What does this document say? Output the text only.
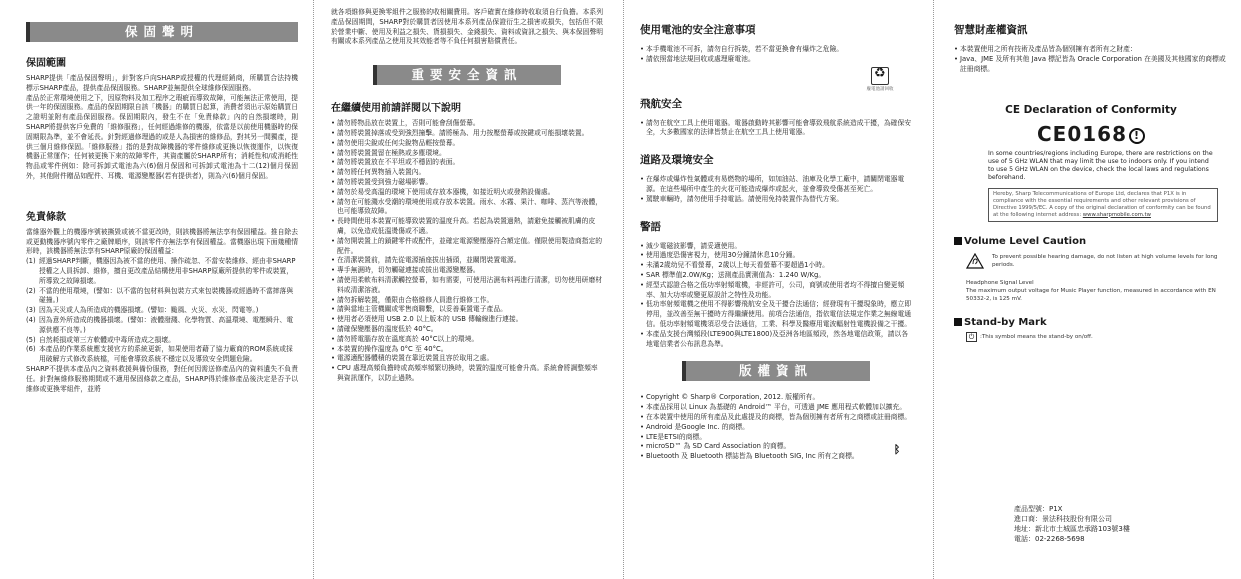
保固聲明
保固範圍

SHARP提供「產品保固聲明」，針對客戶向SHARP或授權的代理經銷商，所購買合法持機標示SHARP產品，提供產品保固服務。SHARP並無提供全球維修保固服務。

產品於正常環境使用之下，因原物料及加工程序之瑕疵而導致故障，可能無法正常使用，提供一年的保固服務。產品的保固期限自該「機器」的購買日起算，消費者須出示原始購買日之證明並附有產品保固服務。保固期限內，發生不在「免責條款」內的自然損壞時，則SHARP將提供客戶免費的「維修服務」，任何經過維修的機器，依當是以前使用機器時的保固期限為準，並不會延長。針對經過修理過的或是人為損害的維修品，對其另一間獨產，提供三個月維修保固。「維修服務」指的是對故障機器的零件維修或更換以恢復運作，以恢復機器正常運作；任何被更換下來的故障零件，其資產屬於SHARP所有；消耗性和/或消耗性物品或零件例如：除可拆卸式電池為六(6)個月保固和可拆卸式電池為十二(12)個月保固外，其他附件贈品如配件、耳機、電源變壓器(若有提供者)，則為六(6)個月保固。

免責條款

當維器外觀上的機器序號被撕毀或被不當更改時，則該機器將無法享有保固權益。推自除去或更動機器序號內零件之廠牌順序，則該零件亦無法享有保固權益。當機器出現下面幾種情形時，該機器將無法享有SHARP原廠的保固權益：

(1) 經過SHARP判斷，機器因為被不當的使用、操作疏忽、不當安裝維修、經由非SHARP授權之人員拆卸、維修，擅自更改產品結構使用非SHARP原廠所提供的零件或裝置，所導致之故障損壞。
(2) 不當的使用環境，(譬如：以不當的包材料與包裝方式來包裝機器或經過時不當摔落與碰撞。)
(3) 因為天災或人為所造成的機器損壞。(譬如：颱風、火災、水災、閃電等。)
(4) 因為意外所造成的機器損壞。(譬如：液體潑濺、化學物質、高溫環境、電壓瞬升、電源供應不良等。)
(5) 自然耗損或第三方軟體或中毒所造成之損壞。
(6) 本產品的作業系統應支援官方的系統更新，如果使用者藉了協力廠商的ROM系統或採用破解方式修改系統檔，可能會導致系統不穩定以及導致安全問題危險。

SHARP不提供本產品內之資料救援與備份服務，對任何因需送修產品內的資料遺失不負責任。針對無維修服務期間或不適用保固條款之產品，SHARP得於維修產品後決定是否予以維修或更換零組件，並將

就各項維修與更換零組件之服務的收相關費用。客戶確實在維修時收取須自行負擔。本系列產品保固期間，SHARP對於購買者因使用本系列產品保證衍生之損害或損失，包括但不限於營業中斷、使用及利益之損失、貨損損失、金錢損失、資料或資訊之損失、與本保固聲明有關或本系列產品之使用及其效能者等不負任何損害賠償責任。

重要安全資訊
在繼續使用前請詳閱以下說明
• 請勿將物品放在裝置上，否則可能會刮傷螢幕。
• 請勿將裝置掉落或受到強烈撞擊。請將極為、用力按壓螢幕或按鍵或可能損壞裝置。
• 請勿使用尖銳或任何尖銳物品輕按螢幕。
• 請勿將裝置置留在極熱或多塵環境。
• 請勿將裝置放在不平坦或不穩固的表面。
• 請勿將任何異物插入裝置內。
• 請勿將裝置受到強力磁場影響。
• 請勿於易受高溫的環境下使用或存放本器機，如接近明火或發熱設備處。
• 請勿在可能濺水受潮的環境使用或存放本裝置。雨水、水霧、果汁、咖啡、蒸汽等液體，也可能導致故障。
• 長時間使用本裝置可能導致裝置的溫度升高。若起為裝置過熱，請避免接觸被肌膚的皮膚，以免造成低溫燙傷或不適。
• 請勿開裝置上的鎖鍵零件或配件，並確定電源變壓器符合額定值。僅限使用製造商指定的配件。
• 在清潔裝置前，請先從電源插座拔出插頭，並關閉裝置電源。
• 專手無濕時，切勿觸碰連接或拔出電源變壓器。
• 請使用柔軟布料清潔觸控螢幕，如有需要，可使用沾濕布料再進行清潔，切勿使用研磨材料或清潔溶液。
• 請勿拆解裝置，僅限由合格維修人員進行維修工作。
• 請與當地主管機關或零售商聯繫，以妥善棄置電子產品。
• 使用者必須使用 USB 2.0 以上版本的 USB 傳輸線進行連接。
• 請確保變壓器的溫度低於 40°C。
• 請勿將電腦存放在溫度高於 40°C以上的環境。
• 本裝置的操作溫度為 0°C 至 40°C。
• 電源適配器體積的裝置在靠近裝置且容於取用之處。
• CPU 處理高頻負擔時或高頻率頻繁切換時，裝置的溫度可能會升高。系統會將調整頻率與資訊運作，以防止過熱。
使用電池的安全注意事項
• 本手機電池不可拆，請勿自行拆裝，若不當更換會有爆炸之危險。
• 請依照當地法規回收或處理廢電池。
♻
廢電池請回收
飛航安全
• 請勿在航空工具上使用電器。電器啟動時其影響可能會導致飛航系統造成干擾，為確保安全，大多數國家的法律皆禁止在航空工具上使用電器。
道路及環境安全
• 在爆炸或爆炸性氣體或有易燃物的場所，如加油站、油庫及化學工廠中，請關閉電器電源。在這些場所中產生的火花可能造成爆炸或起火，並會導致受傷甚至死亡。
• 駕駛車輛時，請勿使用手持電話。請使用免持裝置作為替代方案。
警語
• 減少電磁波影響，請妥適使用。
• 使用過度恐傷害視力，使用30分鐘請休息10分鐘。
• 未滿2歲幼兒不看螢幕，2歲以上每天看螢幕不要超過1小時。
• SAR 標準值2.0W/Kg；送測產品實測值為：1.240 W/Kg。
• 經型式認證合格之低功率射頻電機，非經許可，公司，商號或使用者均不得擅自變更頻率、加大功率或變更原設計之特性及功能。
• 低功率射頻電機之使用不得影響飛航安全及干擾合法通信；經發現有干擾現象時，應立即停用，並改善至無干擾時方得繼續使用。前項合法通信，指依電信法規定作業之無線電通信。低功率射頻電機須忍受合法通信，工業、科學及醫療用電波輻射性電機設備之干擾。
• 本產品支援台灣頻段(LTE900與LTE1800)及亞洲各地區頻段，然各地電信政策，請以各地電信業者公布訊息為準。
版權資訊
• Copyright © Sharp® Corporation, 2012. 版權所有。
• 本產品採用以 Linux 為基礎的 Android™ 平台，可透過 JME 應用程式軟體加以擴充。
• 在本裝置中使用的所有產品及此處提及的商標，皆為個別擁有者所有之商標或註冊商標。
• Android 是Google Inc. 的商標。
• LTE是ETSI的商標。
• microSD™ 為 SD Card Association 的商標。
• Bluetooth 及 Bluetooth 標誌皆為 Bluetooth SIG, Inc 所有之商標。	ᛒ
智慧財產權資訊
• 本裝置使用之所有技術及產品皆為個別擁有者所有之財產：
• Java、JME 及所有其他 Java 標記皆為 Oracle Corporation 在美國及其他國家的商標或註冊商標。
CE Declaration of Conformity
CE0168 !

In some countries/regions including Europe, there are restrictions on the use of 5 GHz WLAN that may limit the use to indoors only. If you intend to use 5 GHz WLAN on the device, check the local laws and regulations beforehand.

Hereby, Sharp Telecommunications of Europe Ltd, declares that P1X is in compliance with the essential requirements and other relevant provisions of Directive 1999/5/EC. A copy of the original declaration of conformity can be found at the following internet address: www.sharpmobile.com.tw
Volume Level Caution
To prevent possible hearing damage, do not listen at high volume levels for long periods.
Headphone Signal Level
The maximum output voltage for Music Player function, measured in accordance with EN 50332-2, is 125 mV.
Stand-by Mark
⏻	:This symbol means the stand-by on/off.
產品型號：P1X
進口商：景法科技股份有限公司
地址：新北市土城區忠承路103號3樓
電話：02-2268-5698
